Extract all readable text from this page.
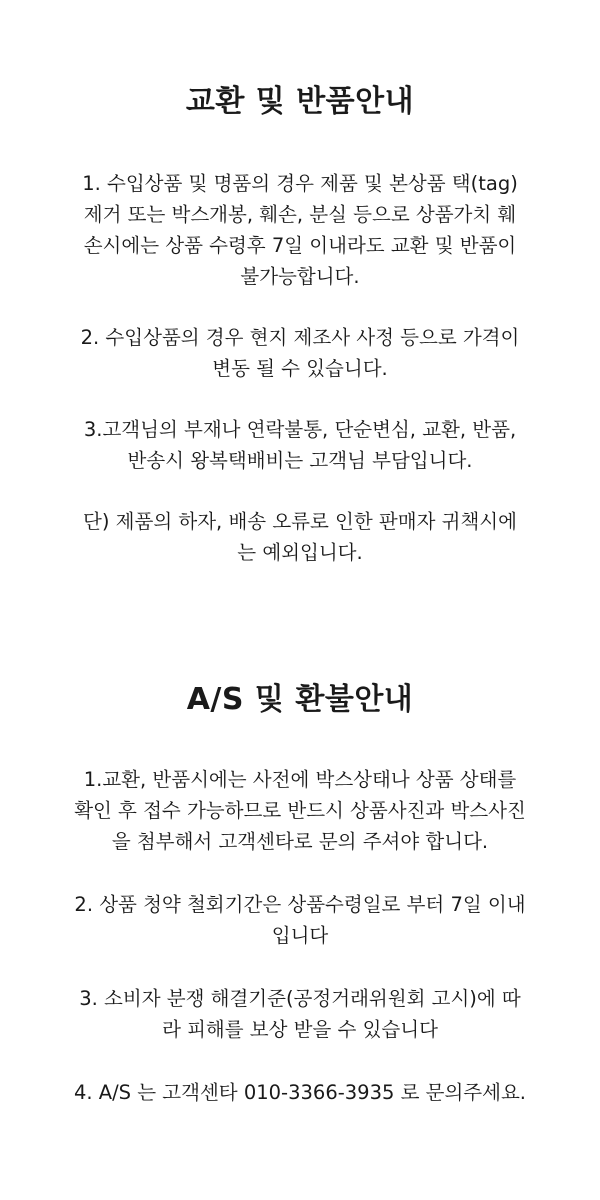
교환 및 반품안내

1. 수입상품 및 명품의 경우 제품 및 본상품 택(tag)
제거 또는 박스개봉, 훼손, 분실 등으로 상품가치 훼
손시에는 상품 수령후 7일 이내라도 교환 및 반품이
불가능합니다.

2. 수입상품의 경우 현지 제조사 사정 등으로 가격이
변동 될 수 있습니다.

3.고객님의 부재나 연락불통, 단순변심, 교환, 반품,
반송시 왕복택배비는 고객님 부담입니다.

단) 제품의 하자, 배송 오류로 인한 판매자 귀책시에
는 예외입니다.

A/S 및 환불안내

1.교환, 반품시에는 사전에 박스상태나 상품 상태를
확인 후 접수 가능하므로 반드시 상품사진과 박스사진
을 첨부해서 고객센타로 문의 주셔야 합니다.

2. 상품 청약 철회기간은 상품수령일로 부터 7일 이내
입니다

3. 소비자 분쟁 해결기준(공정거래위원회 고시)에 따
라 피해를 보상 받을 수 있습니다

4. A/S 는 고객센타 010-3366-3935 로 문의주세요.
